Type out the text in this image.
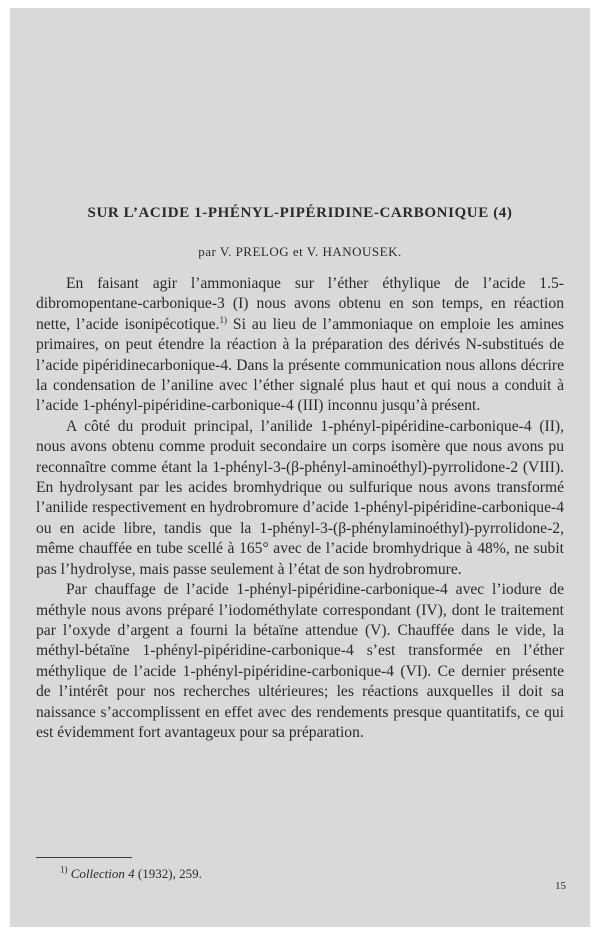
SUR L’ACIDE 1-PHÉNYL-PIPÉRIDINE-CARBONIQUE (4)

par V. PRELOG et V. HANOUSEK.

En faisant agir l’ammoniaque sur l’éther éthylique de l’acide 1.5-dibromopentane-carbonique-3 (I) nous avons obtenu en son temps, en réaction nette, l’acide isonipécotique.$^{1)}$ Si au lieu de l’ammoniaque on emploie les amines primaires, on peut étendre la réaction à la préparation des dérivés N-substitués de l’acide pipéridinecarbonique-4. Dans la présente communication nous allons décrire la condensation de l’aniline avec l’éther signalé plus haut et qui nous a conduit à l’acide 1-phényl-pipéridine-carbonique-4 (III) inconnu jusqu’à présent.

A côté du produit principal, l’anilide 1-phényl-pipéridine-carbonique-4 (II), nous avons obtenu comme produit secondaire un corps isomère que nous avons pu reconnaître comme étant la 1-phényl-3-(β-phényl-aminoéthyl)-pyrrolidone-2 (VIII). En hydrolysant par les acides bromhydrique ou sulfurique nous avons transformé l’anilide respectivement en hydrobromure d’acide 1-phényl-pipéridine-carbonique-4 ou en acide libre, tandis que la 1-phényl-3-(β-phénylaminoéthyl)-pyrrolidone-2, même chauffée en tube scellé à 165° avec de l’acide bromhydrique à 48%, ne subit pas l’hydrolyse, mais passe seulement à l’état de son hydrobromure.

Par chauffage de l’acide 1-phényl-pipéridine-carbonique-4 avec l’iodure de méthyle nous avons préparé l’iodométhylate correspondant (IV), dont le traitement par l’oxyde d’argent a fourni la bétaïne attendue (V). Chauffée dans le vide, la méthyl-bétaïne 1-phényl-pipéridine-carbonique-4 s’est transformée en l’éther méthylique de l’acide 1-phényl-pipéridine-carbonique-4 (VI). Ce dernier présente de l’intérêt pour nos recherches ultérieures; les réactions auxquelles il doit sa naissance s’accomplissent en effet avec des rendements presque quantitatifs, ce qui est évidemment fort avantageux pour sa préparation.

$^{1)}$ Collection 4 (1932), 259.

15
